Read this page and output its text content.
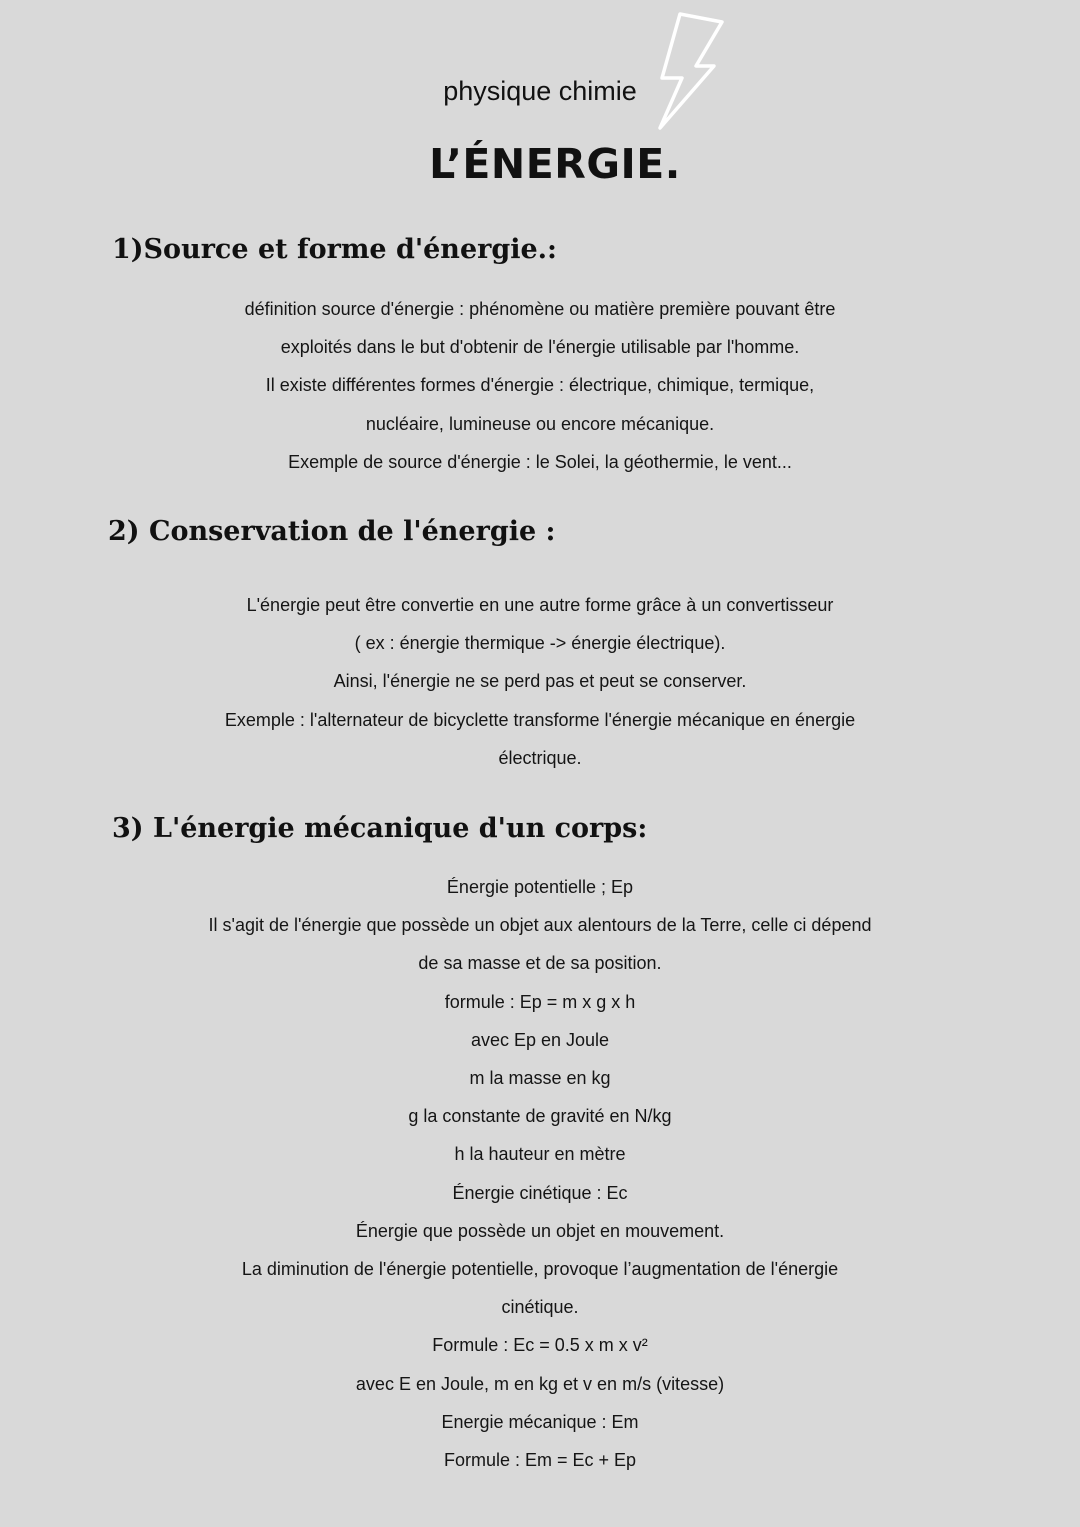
physique chimie
L’ÉNERGIE.
1)Source et forme d'énergie.:
définition source d'énergie : phénomène ou matière première pouvant être
exploités dans le but d'obtenir de l'énergie utilisable par l'homme.
Il existe différentes formes d'énergie : électrique, chimique, termique,
nucléaire, lumineuse ou encore mécanique.
Exemple de source d'énergie : le Solei, la géothermie, le vent...
2) Conservation de l'énergie :
L'énergie peut être convertie en une autre forme grâce à un convertisseur
( ex : énergie thermique -> énergie électrique).
Ainsi, l'énergie ne se perd pas et peut se conserver.
Exemple : l'alternateur de bicyclette transforme l'énergie mécanique en énergie
électrique.
3) L'énergie mécanique d'un corps:
Énergie potentielle ; Ep
Il s'agit de l'énergie que possède un objet aux alentours de la Terre, celle ci dépend
de sa masse et de sa position.
formule : Ep = m x g x h
avec Ep en Joule
m la masse en kg
g la constante de gravité en N/kg
h la hauteur en mètre
Énergie cinétique : Ec
Énergie que possède un objet en mouvement.
La diminution de l'énergie potentielle, provoque l’augmentation de l'énergie
cinétique.
Formule : Ec = 0.5 x m x v²
avec E en Joule, m en kg et v en m/s (vitesse)
Energie mécanique : Em
Formule : Em = Ec + Ep
